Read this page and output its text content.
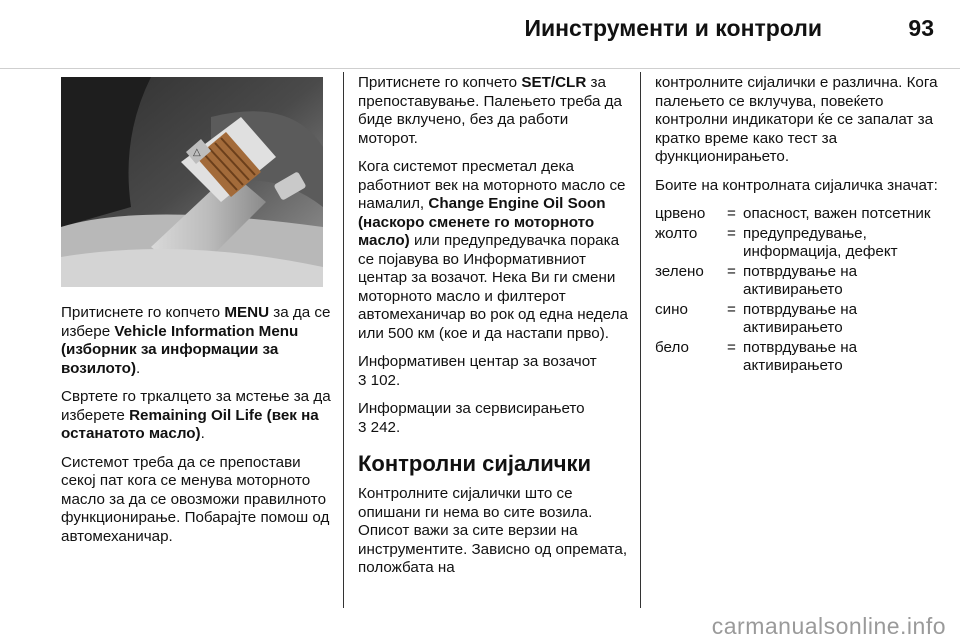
Иинструменти и контроли	93
△

Притиснете го копчето MENU за да се избере Vehicle Information Menu (изборник за информации за возилото).

Свртете го тркалцето за мстење за да изберете Remaining Oil Life (век на останатото масло).

Системот треба да се препостави секој пат кога се менува моторното масло за да се овозможи правилното функционирање. Побарајте помош од автомеханичар.

Притиснете го копчето SET/CLR за препоставување. Палењето треба да биде вклучено, без да работи моторот.

Кога системот пресметал дека работниот век на моторното масло се намалил, Change Engine Oil Soon (наскоро сменете го моторното масло) или предупредувачка порака се појавува во Информативниот центар за возачот. Нека Ви ги смени моторното масло и филтерот автомеханичар во рок од една недела или 500 км (кое и да настапи прво).

Информативен центар за возачот
3 102.

Информации за сервисирањето
3 242.

Контролни сијалички

Контролните сијалички што се опишани ги нема во сите возила. Описот важи за сите верзии на инструментите. Зависно од опремата, положбата на

контролните сијалички е различна. Кога палењето се вклучува, повеќето контролни индикатори ќе се запалат за кратко време како тест за функционирањето.

Боите на контролната сијаличка значат:

црвено	= опасност, важен потсетник
жолто	= предупредување, информација, дефект
зелено	= потврдување на активирањето
сино	= потврдување на активирањето
бело	= потврдување на активирањето
carmanualsonline.info
